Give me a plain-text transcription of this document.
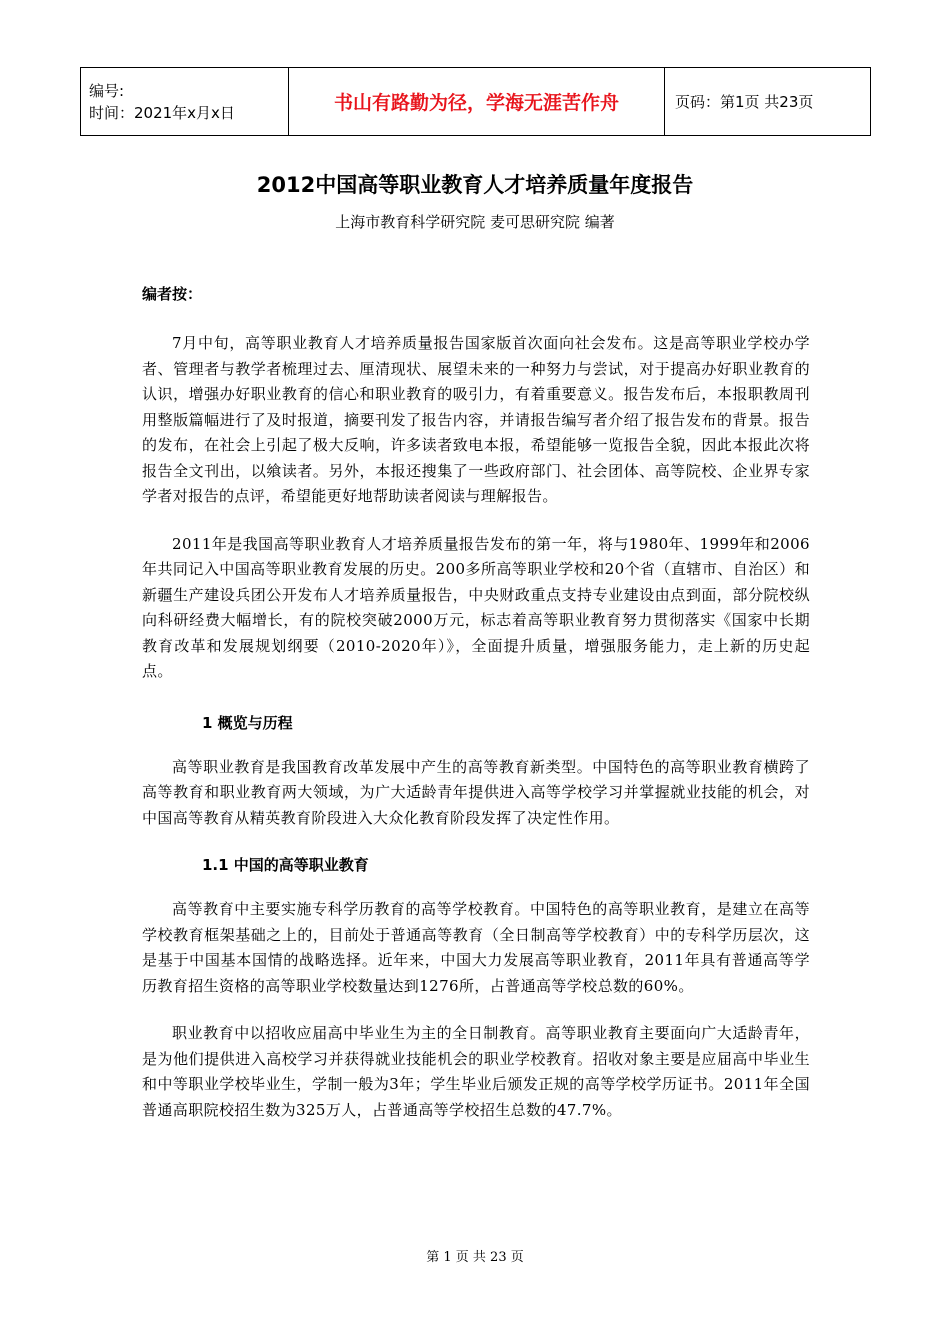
编号:
时间：2021年x月x日	书山有路勤为径，学海无涯苦作舟	页码：第1页 共23页
2012中国高等职业教育人才培养质量年度报告
上海市教育科学研究院 麦可思研究院 编著
编者按：

7月中旬，高等职业教育人才培养质量报告国家版首次面向社会发布。这是高等职业学校办学者、管理者与教学者梳理过去、厘清现状、展望未来的一种努力与尝试，对于提高办好职业教育的认识，增强办好职业教育的信心和职业教育的吸引力，有着重要意义。报告发布后，本报职教周刊用整版篇幅进行了及时报道，摘要刊发了报告内容，并请报告编写者介绍了报告发布的背景。报告的发布，在社会上引起了极大反响，许多读者致电本报，希望能够一览报告全貌，因此本报此次将报告全文刊出，以飨读者。另外，本报还搜集了一些政府部门、社会团体、高等院校、企业界专家学者对报告的点评，希望能更好地帮助读者阅读与理解报告。

2011年是我国高等职业教育人才培养质量报告发布的第一年，将与1980年、1999年和2006年共同记入中国高等职业教育发展的历史。200多所高等职业学校和20个省（直辖市、自治区）和新疆生产建设兵团公开发布人才培养质量报告，中央财政重点支持专业建设由点到面，部分院校纵向科研经费大幅增长，有的院校突破2000万元，标志着高等职业教育努力贯彻落实《国家中长期教育改革和发展规划纲要（2010-2020年）》，全面提升质量，增强服务能力，走上新的历史起点。

1 概览与历程

高等职业教育是我国教育改革发展中产生的高等教育新类型。中国特色的高等职业教育横跨了高等教育和职业教育两大领域，为广大适龄青年提供进入高等学校学习并掌握就业技能的机会，对中国高等教育从精英教育阶段进入大众化教育阶段发挥了决定性作用。

1.1 中国的高等职业教育

高等教育中主要实施专科学历教育的高等学校教育。中国特色的高等职业教育，是建立在高等学校教育框架基础之上的，目前处于普通高等教育（全日制高等学校教育）中的专科学历层次，这是基于中国基本国情的战略选择。近年来，中国大力发展高等职业教育，2011年具有普通高等学历教育招生资格的高等职业学校数量达到1276所，占普通高等学校总数的60%。

职业教育中以招收应届高中毕业生为主的全日制教育。高等职业教育主要面向广大适龄青年，是为他们提供进入高校学习并获得就业技能机会的职业学校教育。招收对象主要是应届高中毕业生和中等职业学校毕业生，学制一般为3年；学生毕业后颁发正规的高等学校学历证书。2011年全国普通高职院校招生数为325万人，占普通高等学校招生总数的47.7%。

第 1 页 共 23 页
